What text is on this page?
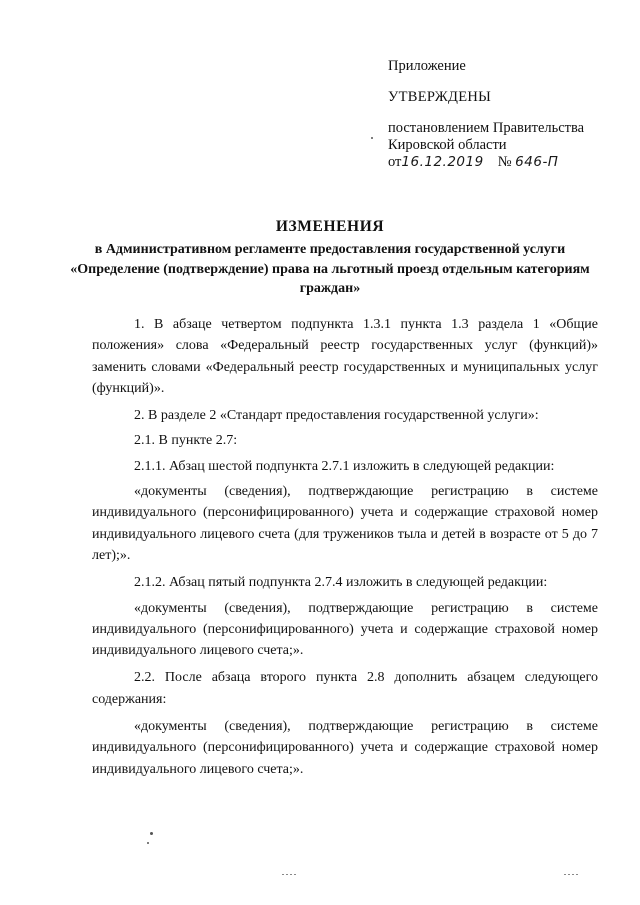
Приложение
УТВЕРЖДЕНЫ
постановлением Правительства
Кировской области
от16.12.2019 № 646-П
ИЗМЕНЕНИЯ
в Административном регламенте предоставления государственной услуги «Определение (подтверждение) права на льготный проезд отдельным категориям граждан»

1. В абзаце четвертом подпункта 1.3.1 пункта 1.3 раздела 1 «Общие положения» слова «Федеральный реестр государственных услуг (функций)» заменить словами «Федеральный реестр государственных и муниципальных услуг (функций)».

2. В разделе 2 «Стандарт предоставления государственной услуги»:

2.1. В пункте 2.7:

2.1.1. Абзац шестой подпункта 2.7.1 изложить в следующей редакции:

«документы (сведения), подтверждающие регистрацию в системе индивидуального (персонифицированного) учета и содержащие страховой номер индивидуального лицевого счета (для тружеников тыла и детей в возрасте от 5 до 7 лет);».

2.1.2. Абзац пятый подпункта 2.7.4 изложить в следующей редакции:

«документы (сведения), подтверждающие регистрацию в системе индивидуального (персонифицированного) учета и содержащие страховой номер индивидуального лицевого счета;».

2.2. После абзаца второго пункта 2.8 дополнить абзацем следующего содержания:

«документы (сведения), подтверждающие регистрацию в системе индивидуального (персонифицированного) учета и содержащие страховой номер индивидуального лицевого счета;».
